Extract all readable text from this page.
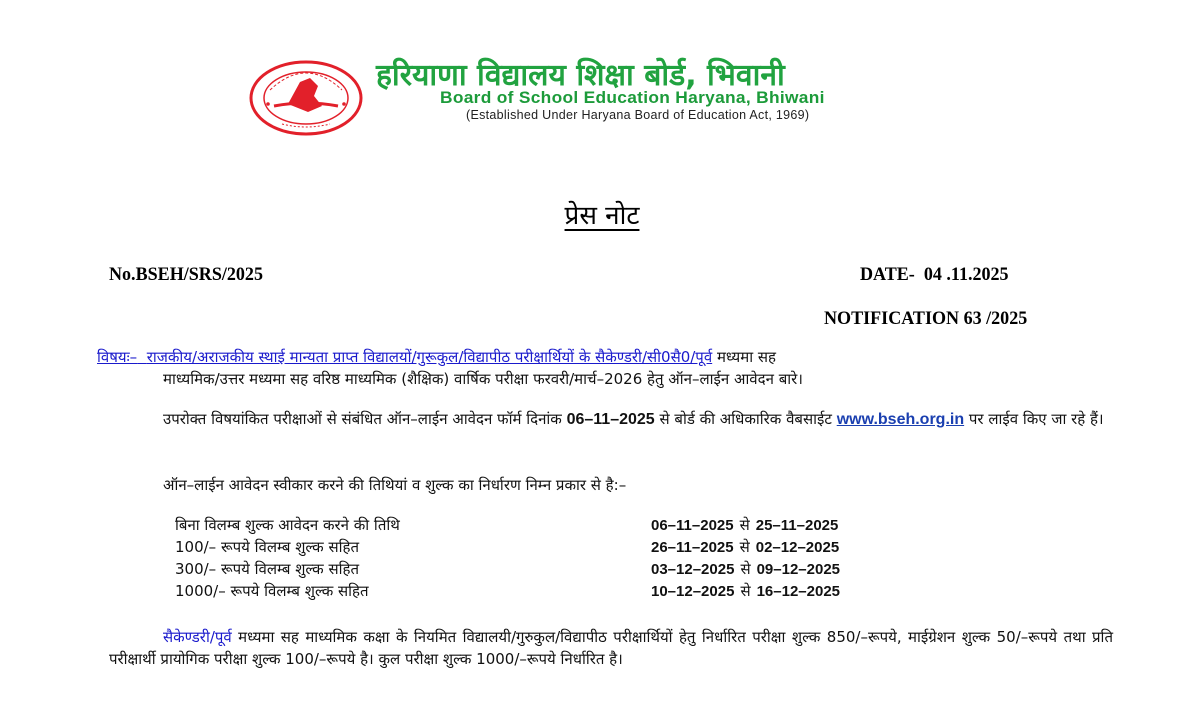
हरियाणा विद्यालय शिक्षा बोर्ड, भिवानी
Board of School Education Haryana, Bhiwani
(Established Under Haryana Board of Education Act, 1969)
प्रेस नोट
No.BSEH/SRS/2025	DATE-  04 .11.2025
NOTIFICATION 63 /2025
विषयः– राजकीय/अराजकीय स्थाई मान्यता प्राप्त विद्यालयों/गुरूकुल/विद्यापीठ परीक्षार्थियों के सैकेण्डरी/सी0सै0/पूर्व मध्यमा सह
माध्यमिक/उत्तर मध्यमा सह वरिष्ठ माध्यमिक (शैक्षिक) वार्षिक परीक्षा फरवरी/मार्च–2026 हेतु ऑन–लाईन आवेदन बारे।
उपरोक्त विषयांकित परीक्षाओं से संबंधित ऑन–लाईन आवेदन फॉर्म दिनांक 06–11–2025 से बोर्ड की अधिकारिक वैबसाईट www.bseh.org.in पर लाईव किए जा रहे हैं।
ऑन–लाईन आवेदन स्वीकार करने की तिथियां व शुल्क का निर्धारण निम्न प्रकार से है:–
बिना विलम्ब शुल्क आवेदन करने की तिथि	06–11–2025 से 25–11–2025
100/– रूपये विलम्ब शुल्क सहित	26–11–2025 से 02–12–2025
300/– रूपये विलम्ब शुल्क सहित	03–12–2025 से 09–12–2025
1000/– रूपये विलम्ब शुल्क सहित	10–12–2025 से 16–12–2025
सैकेण्डरी/पूर्व मध्यमा सह माध्यमिक कक्षा के नियमित विद्यालयी/गुरुकुल/विद्यापीठ परीक्षार्थियों हेतु निर्धारित परीक्षा शुल्क 850/–रूपये, माईग्रेशन शुल्क 50/–रूपये तथा प्रति परीक्षार्थी प्रायोगिक परीक्षा शुल्क 100/–रूपये है। कुल परीक्षा शुल्क 1000/–रूपये निर्धारित है।
